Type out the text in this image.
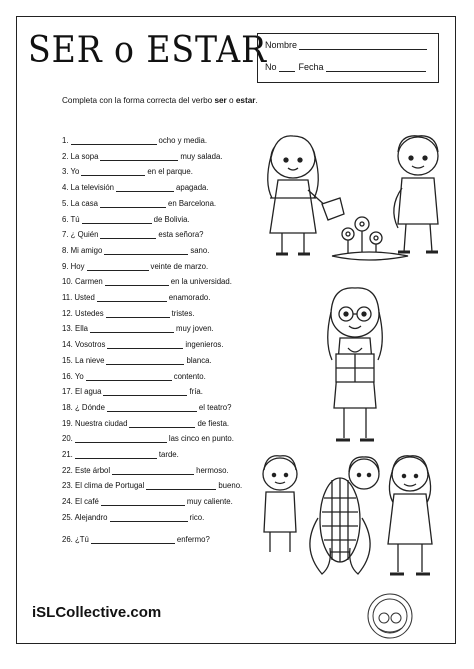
SER o ESTAR
Nombre
No Fecha
Completa con la forma correcta del verbo ser o estar.
1.	ocho y media.
2. La sopa	muy salada.
3. Yo	en el parque.
4. La televisión	apagada.
5. La casa	en Barcelona.
6. Tú	de Bolivia.
7. ¿ Quién	esta señora?
8. Mi amigo	sano.
9. Hoy	veinte de marzo.
10. Carmen	en la universidad.
11. Usted	enamorado.
12. Ustedes	tristes.
13. Ella	muy joven.
14. Vosotros	ingenieros.
15. La nieve	blanca.
16. Yo	contento.
17. El agua	fría.
18. ¿ Dónde	el teatro?
19. Nuestra ciudad	de fiesta.
20.	las cinco en punto.
21.	tarde.
22. Este árbol	hermoso.
23. El clima de Portugal	bueno.
24. El café	muy caliente.
25. Alejandro	rico.
26. ¿Tú	enfermo?
iSLCollective.com
